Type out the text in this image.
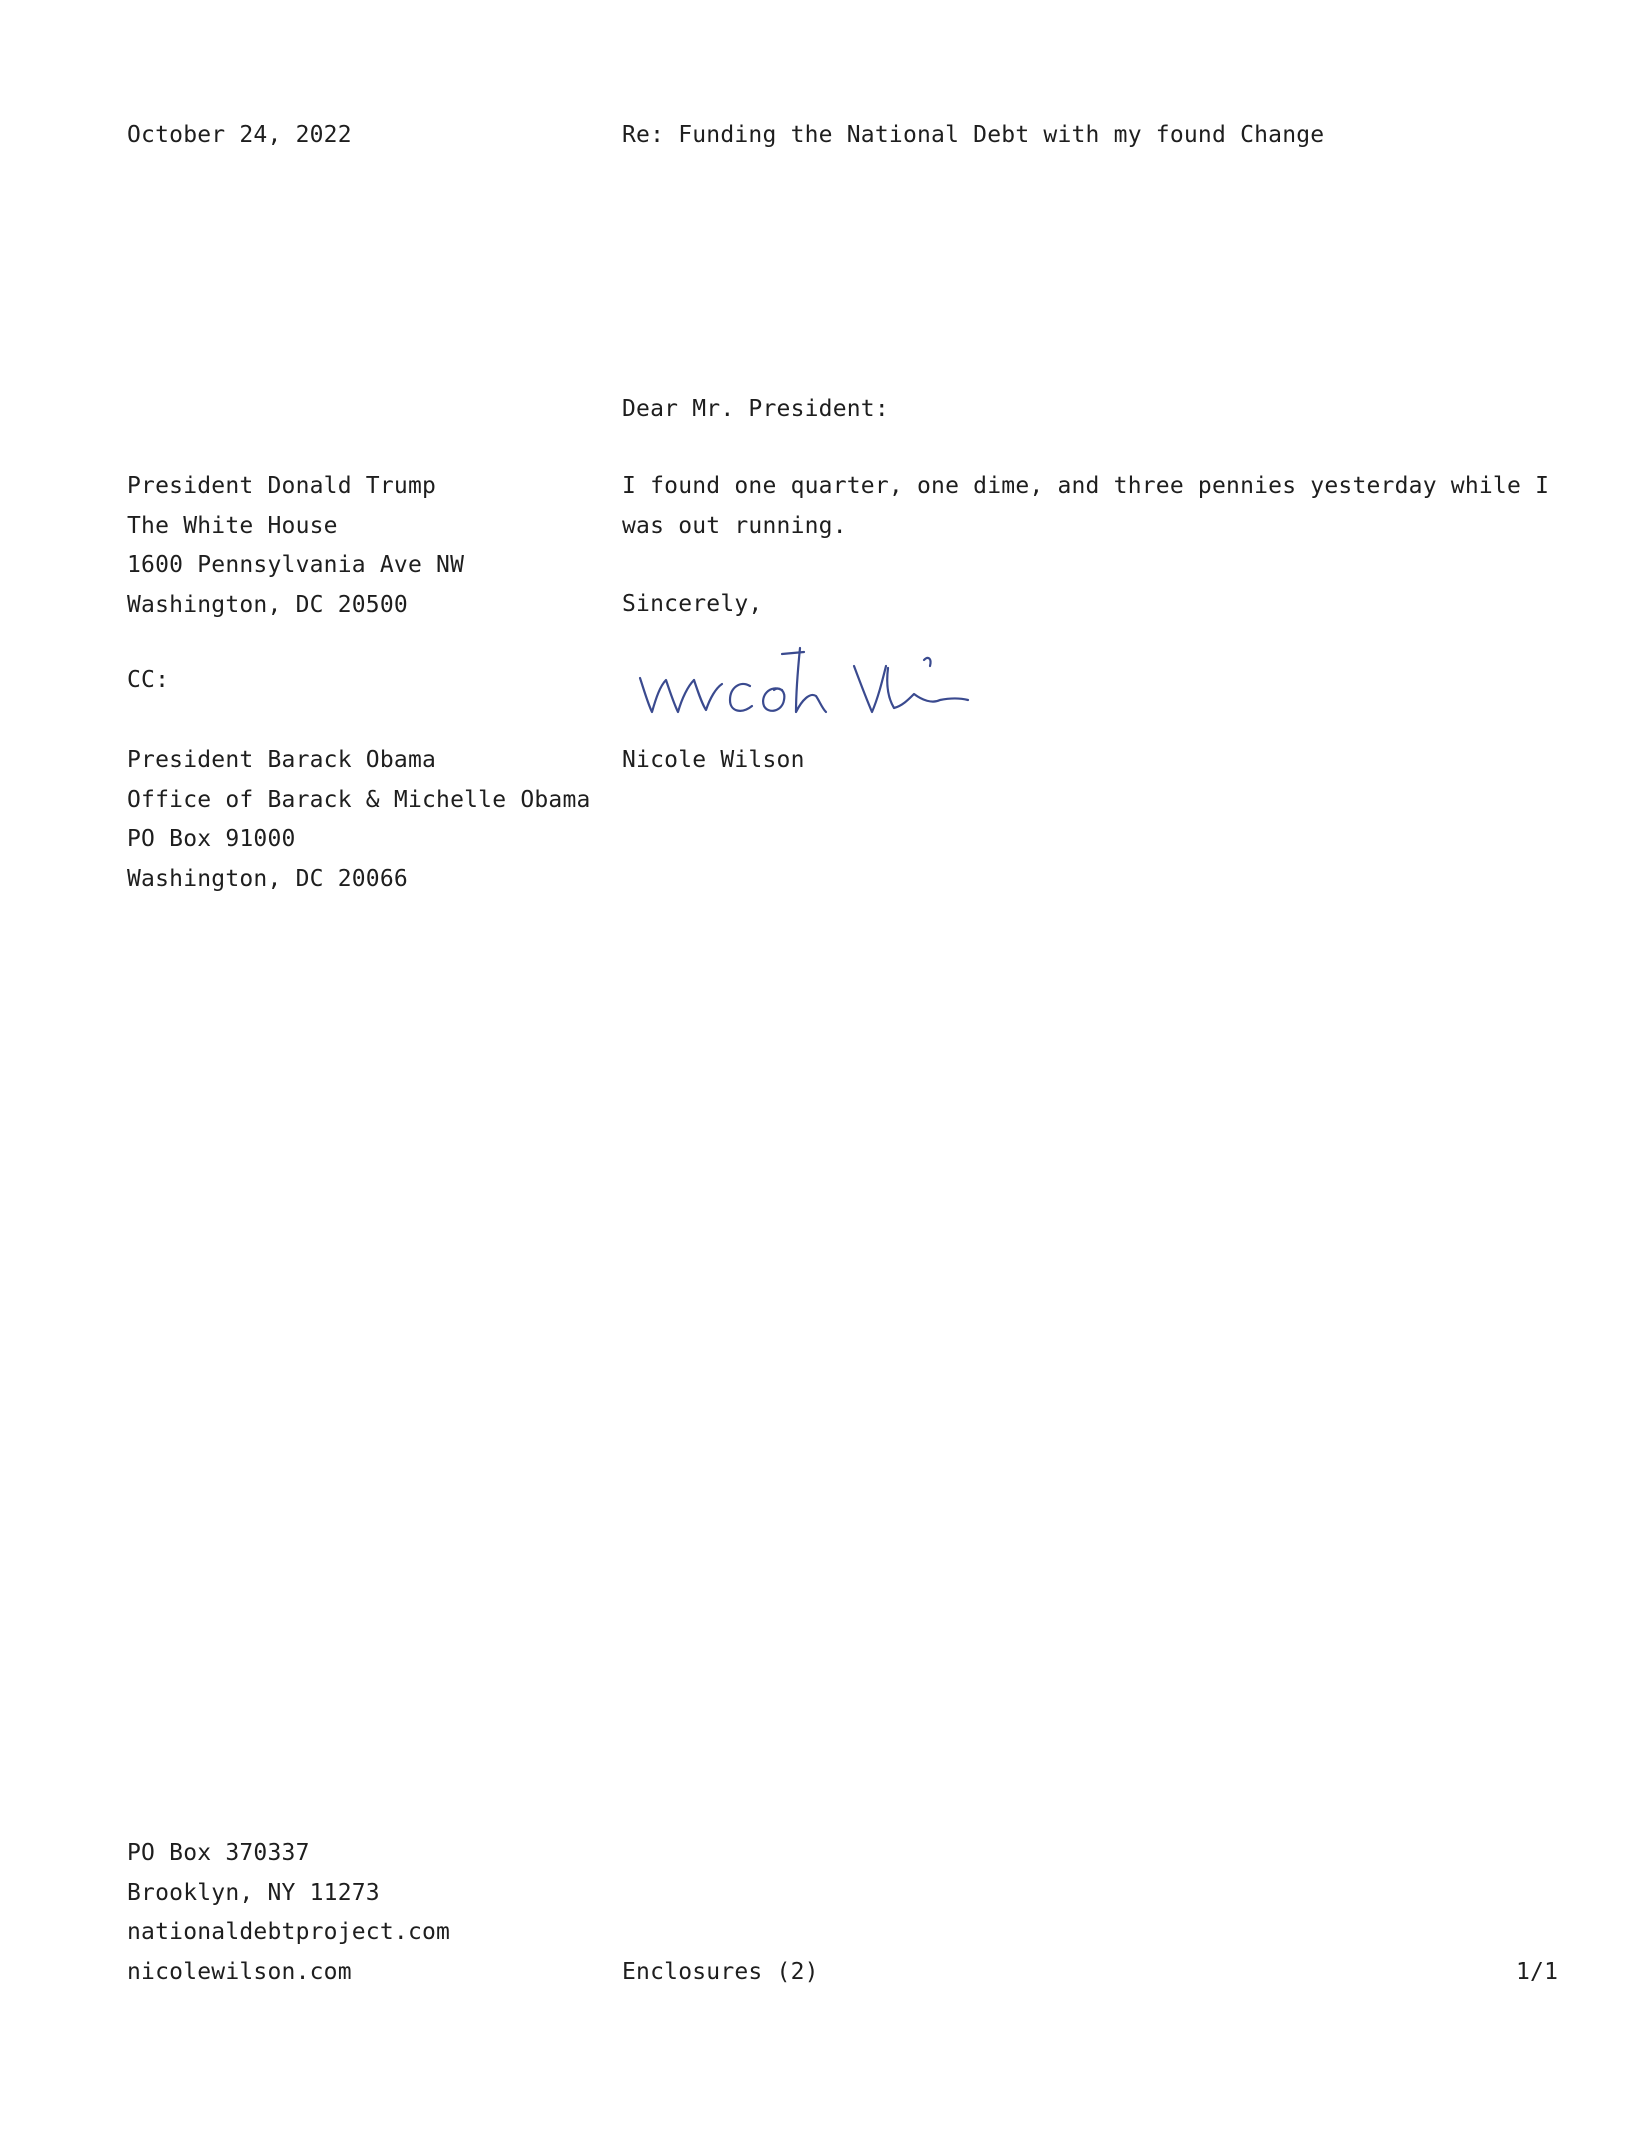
October 24, 2022	Re: Funding the National Debt with my found Change
Dear Mr. President:
President Donald Trump
The White House
1600 Pennsylvania Ave NW
Washington, DC 20500
I found one quarter, one dime, and three pennies yesterday while I
was out running.
Sincerely,
CC:
Nicole Wilson
President Barack Obama
Office of Barack & Michelle Obama
PO Box 91000
Washington, DC 20066
PO Box 370337
Brooklyn, NY 11273
nationaldebtproject.com
nicolewilson.com	Enclosures (2)	1/1
